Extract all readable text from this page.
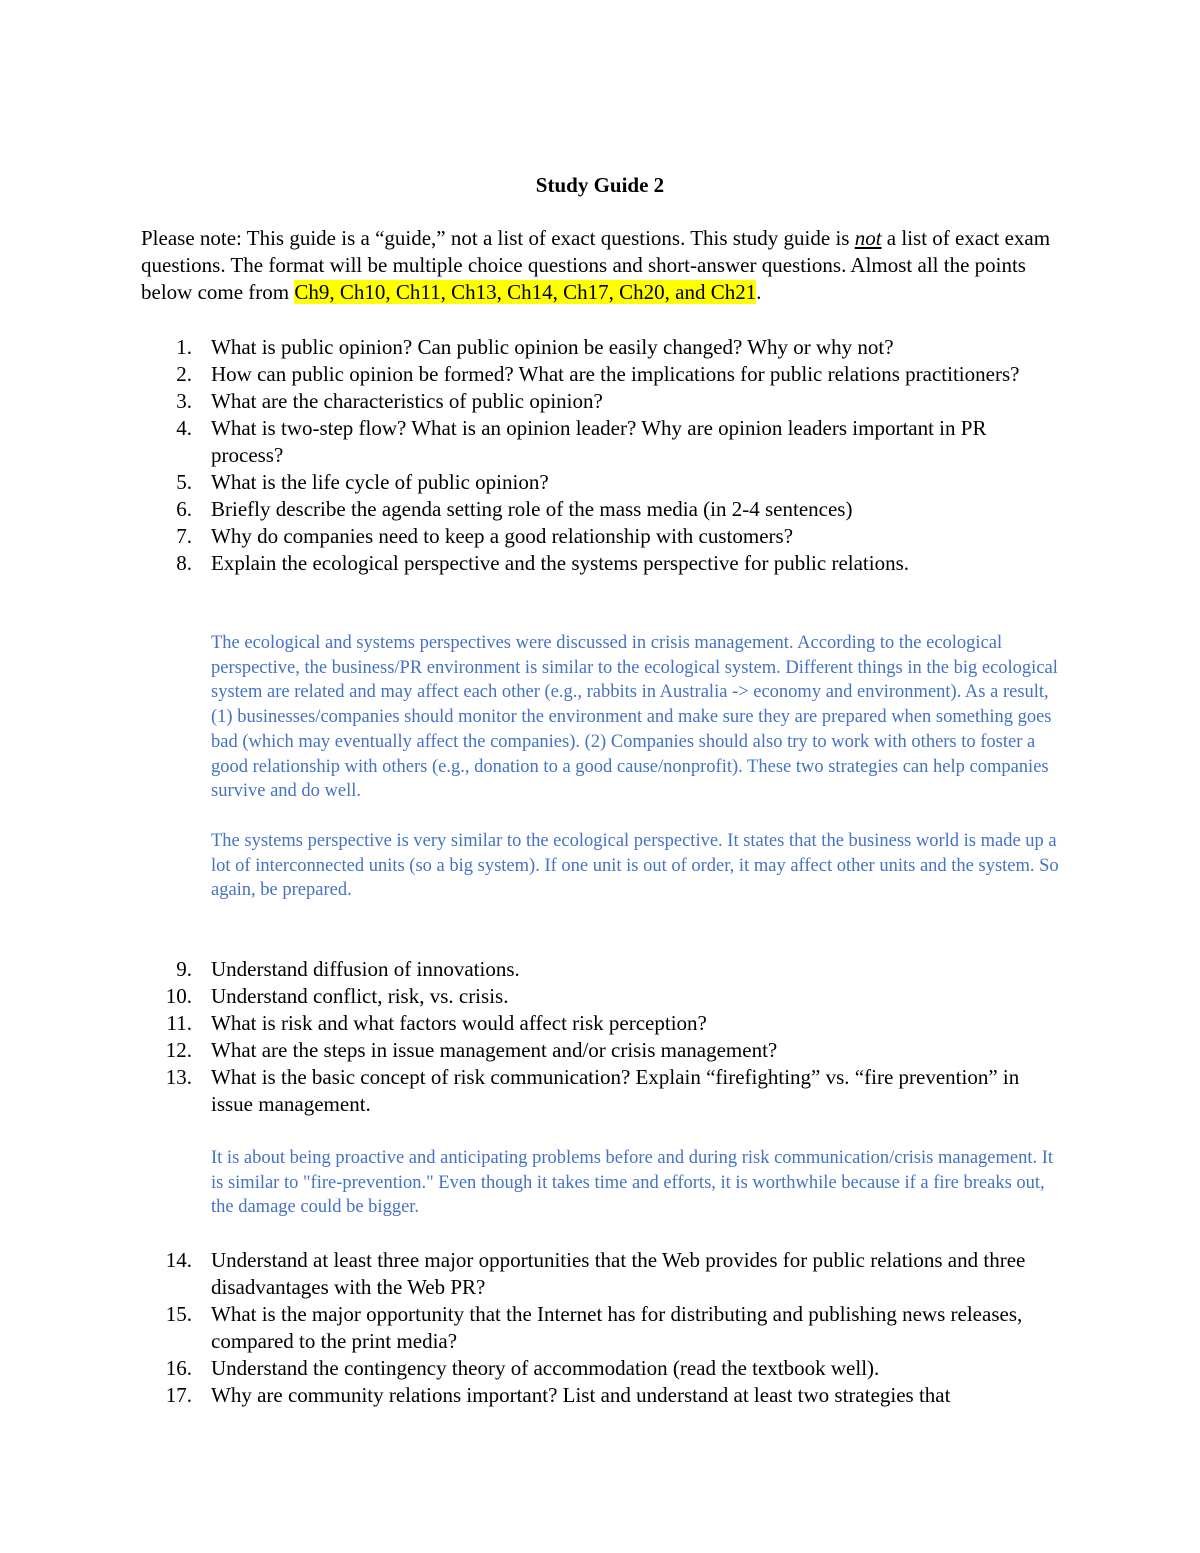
Study Guide 2
Please note: This guide is a “guide,” not a list of exact questions. This study guide is not a list of exact exam questions. The format will be multiple choice questions and short-answer questions. Almost all the points below come from Ch9, Ch10, Ch11, Ch13, Ch14, Ch17, Ch20, and Ch21.
1. What is public opinion? Can public opinion be easily changed? Why or why not?
2. How can public opinion be formed? What are the implications for public relations practitioners?
3. What are the characteristics of public opinion?
4. What is two-step flow? What is an opinion leader? Why are opinion leaders important in PR process?
5. What is the life cycle of public opinion?
6. Briefly describe the agenda setting role of the mass media (in 2-4 sentences)
7. Why do companies need to keep a good relationship with customers?
8. Explain the ecological perspective and the systems perspective for public relations.

The ecological and systems perspectives were discussed in crisis management. According to the ecological perspective, the business/PR environment is similar to the ecological system. Different things in the big ecological system are related and may affect each other (e.g., rabbits in Australia -> economy and environment). As a result, (1) businesses/companies should monitor the environment and make sure they are prepared when something goes bad (which may eventually affect the companies). (2) Companies should also try to work with others to foster a good relationship with others (e.g., donation to a good cause/nonprofit). These two strategies can help companies survive and do well.

The systems perspective is very similar to the ecological perspective. It states that the business world is made up a lot of interconnected units (so a big system). If one unit is out of order, it may affect other units and the system. So again, be prepared.

9. Understand diffusion of innovations.
10. Understand conflict, risk, vs. crisis.
11. What is risk and what factors would affect risk perception?
12. What are the steps in issue management and/or crisis management?
13. What is the basic concept of risk communication? Explain “firefighting” vs. “fire prevention” in issue management.

It is about being proactive and anticipating problems before and during risk communication/crisis management. It is similar to "fire-prevention." Even though it takes time and efforts, it is worthwhile because if a fire breaks out, the damage could be bigger.

14. Understand at least three major opportunities that the Web provides for public relations and three disadvantages with the Web PR?
15. What is the major opportunity that the Internet has for distributing and publishing news releases, compared to the print media?
16. Understand the contingency theory of accommodation (read the textbook well).
17. Why are community relations important? List and understand at least two strategies that
